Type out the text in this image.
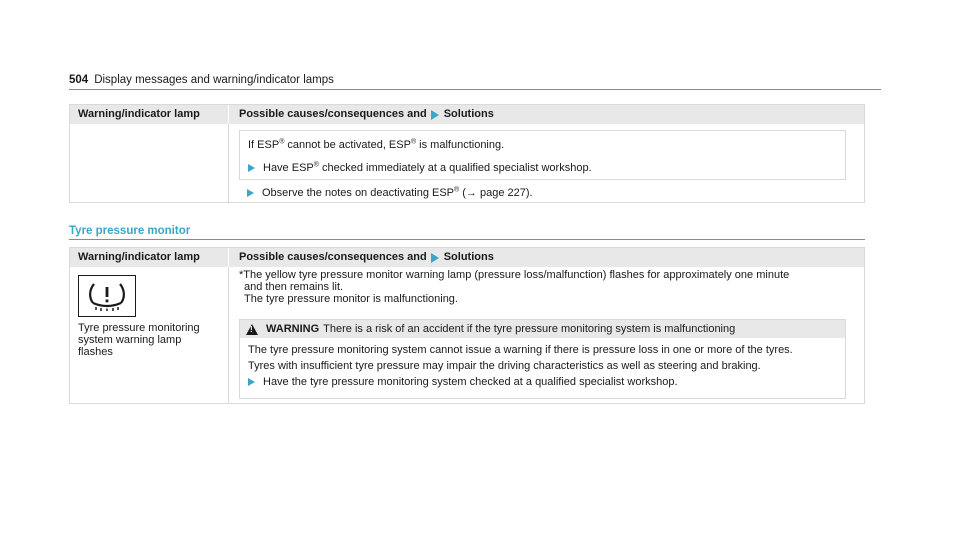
504 Display messages and warning/indicator lamps
Warning/indicator lamp	Possible causes/consequences and Solutions
If ESP® cannot be activated, ESP® is malfunctioning.
Have ESP® checked immediately at a qualified specialist workshop.
Observe the notes on deactivating ESP® (→ page 227).
Tyre pressure monitor
Warning/indicator lamp	Possible causes/consequences and Solutions
Tyre pressure monitoring
system warning lamp
flashes
*The yellow tyre pressure monitor warning lamp (pressure loss/malfunction) flashes for approximately one minute
and then remains lit.
The tyre pressure monitor is malfunctioning.
!
WARNING There is a risk of an accident if the tyre pressure monitoring system is malfunctioning
The tyre pressure monitoring system cannot issue a warning if there is pressure loss in one or more of the tyres.
Tyres with insufficient tyre pressure may impair the driving characteristics as well as steering and braking.
Have the tyre pressure monitoring system checked at a qualified specialist workshop.
